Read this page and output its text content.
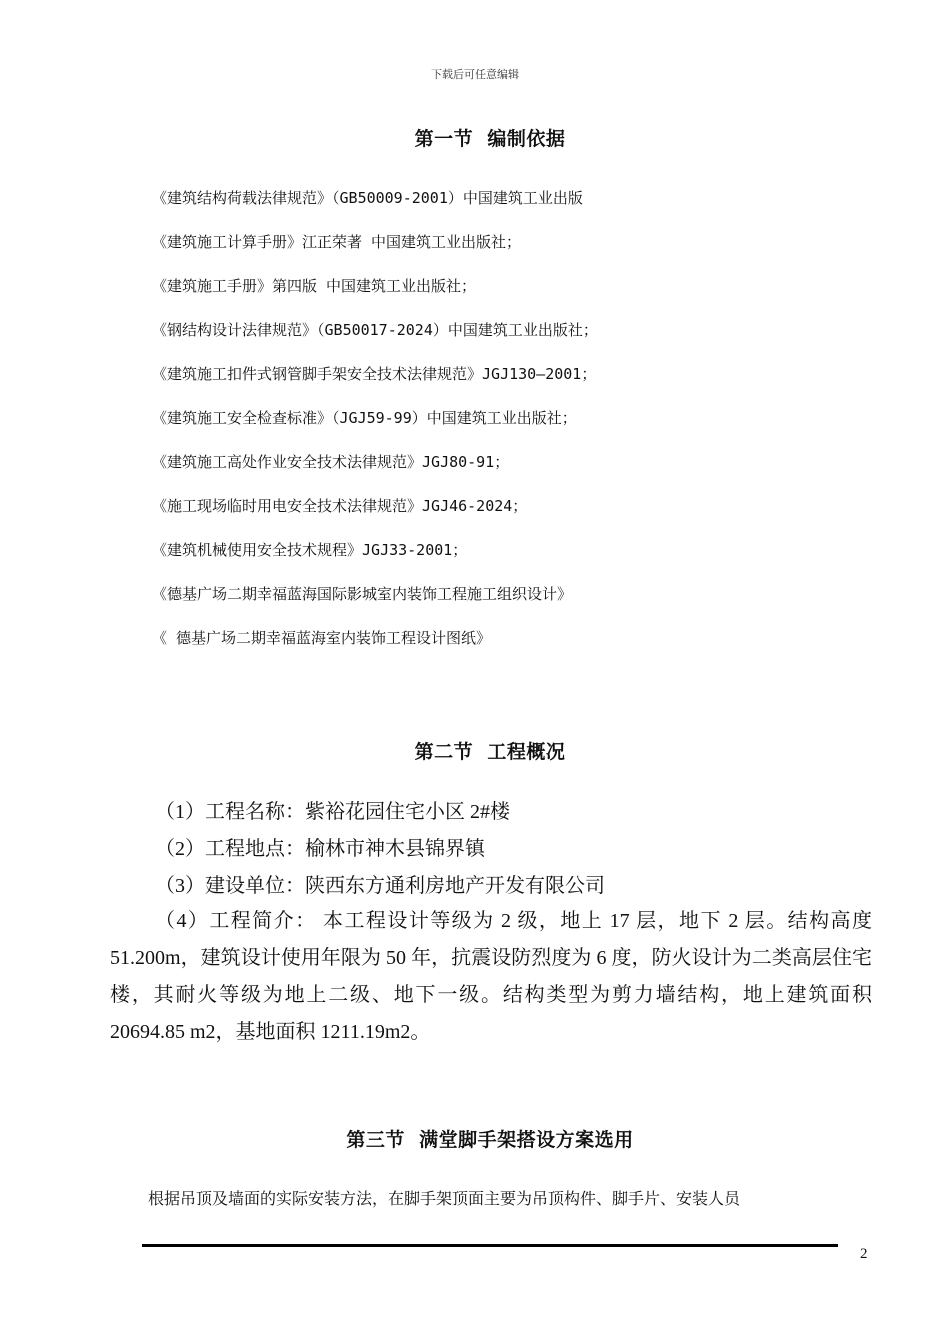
下载后可任意编辑
第一节  编制依据
《建筑结构荷载法律规范》（GB50009-2001）中国建筑工业出版
《建筑施工计算手册》江正荣著 中国建筑工业出版社；
《建筑施工手册》第四版 中国建筑工业出版社；
《钢结构设计法律规范》（GB50017-2024）中国建筑工业出版社；
《建筑施工扣件式钢管脚手架安全技术法律规范》JGJ130—2001；
《建筑施工安全检查标准》（JGJ59-99）中国建筑工业出版社；
《建筑施工高处作业安全技术法律规范》JGJ80-91；
《施工现场临时用电安全技术法律规范》JGJ46-2024；
《建筑机械使用安全技术规程》JGJ33-2001；
《德基广场二期幸福蓝海国际影城室内装饰工程施工组织设计》
《 德基广场二期幸福蓝海室内装饰工程设计图纸》
第二节  工程概况
（1）工程名称：紫裕花园住宅小区 2#楼
（2）工程地点：榆林市神木县锦界镇
（3）建设单位：陕西东方通利房地产开发有限公司
（4）工程简介： 本工程设计等级为 2 级，地上 17 层，地下 2 层。结构高度 51.200m，建筑设计使用年限为 50 年，抗震设防烈度为 6 度，防火设计为二类高层住宅楼，其耐火等级为地上二级、地下一级。结构类型为剪力墙结构，地上建筑面积 20694.85 m2，基地面积 1211.19m2。
第三节  满堂脚手架搭设方案选用
根据吊顶及墙面的实际安装方法，在脚手架顶面主要为吊顶构件、脚手片、安装人员
2
